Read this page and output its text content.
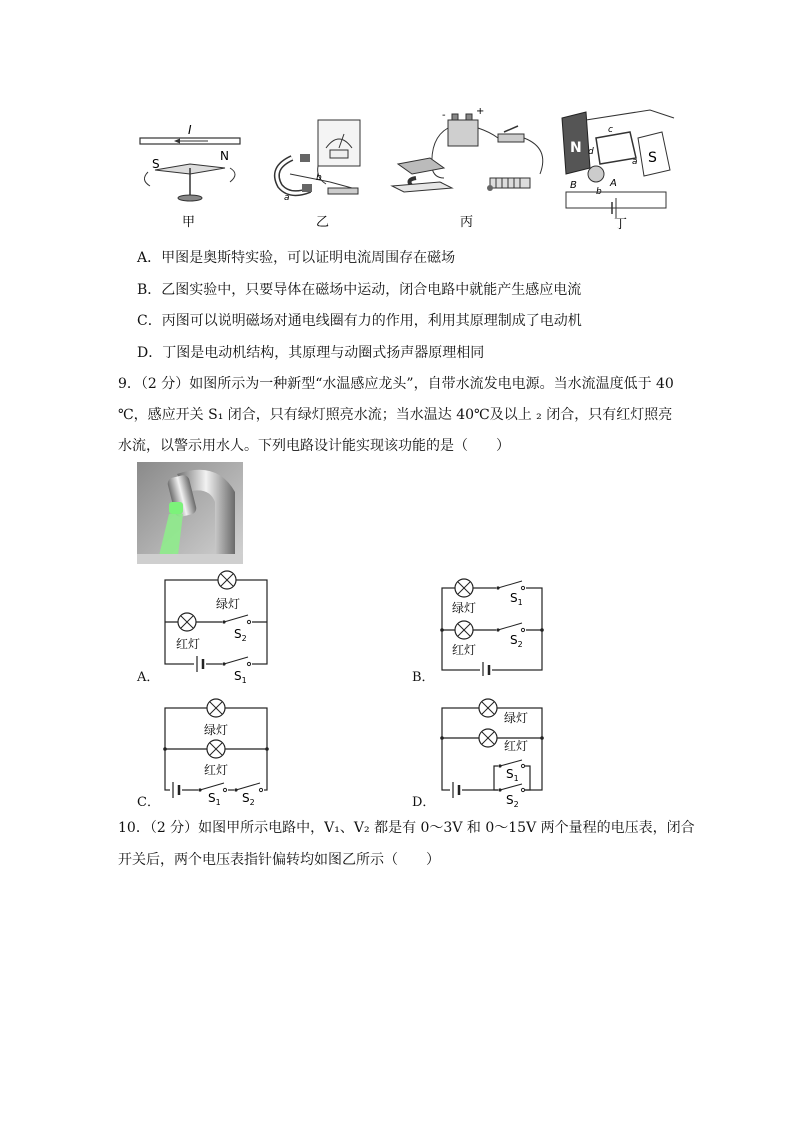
I
S
N
甲
a
b
乙
-	+
丙
N
S
c
d
a
b
B	A
丁
A．甲图是奥斯特实验，可以证明电流周围存在磁场
B．乙图实验中，只要导体在磁场中运动，闭合电路中就能产生感应电流
C．丙图可以说明磁场对通电线圈有力的作用，利用其原理制成了电动机
D．丁图是电动机结构，其原理与动圈式扬声器原理相同
9．（2 分）如图所示为一种新型“水温感应龙头”，自带水流发电电源。当水流温度低于 40
℃，感应开关 S₁ 闭合，只有绿灯照亮水流；当水温达 40℃及以上 ₂ 闭合，只有红灯照亮
水流，以警示用水人。下列电路设计能实现该功能的是（　　）
绿灯
红灯
$S_2$
$S_1$
A．
绿灯
$S_1$
红灯
$S_2$
B．
绿灯
红灯
$S_1$ $S_2$
C．
绿灯
红灯
$S_1$
$S_2$
D．
10．（2 分）如图甲所示电路中，V₁、V₂ 都是有 0～3V 和 0～15V 两个量程的电压表，闭合
开关后，两个电压表指针偏转均如图乙所示（　　）
